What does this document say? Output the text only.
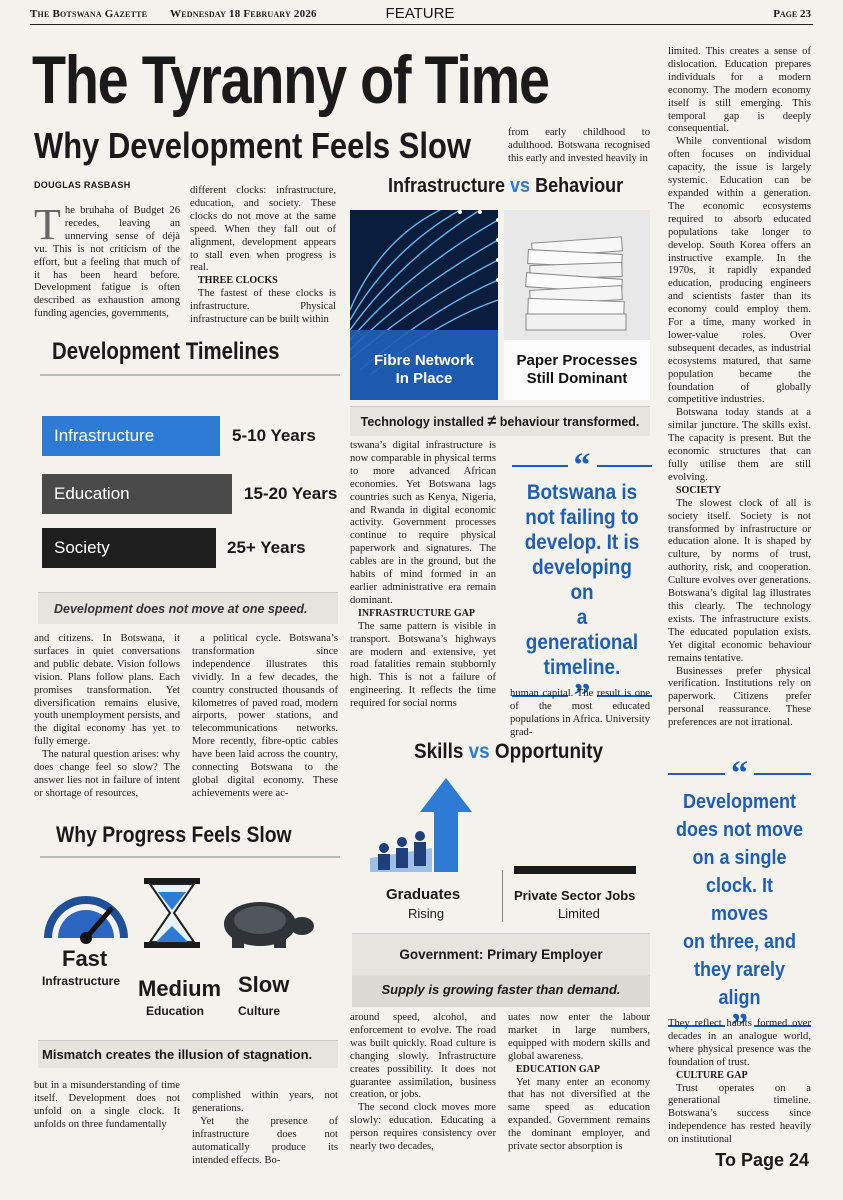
The Botswana Gazette Wednesday 18 February 2026	FEATURE	Page 23
The Tyranny of Time
Why Development Feels Slow
DOUGLAS RASBASH
T he bruhaha of Budget 26 recedes, leaving an unnerving sense of déjà vu. This is not criticism of the effort, but a feeling that much of it has been heard before. Development fatigue is often described as exhaustion among funding agencies, governments,

different clocks: infrastructure, education, and society. These clocks do not move at the same speed. When they fall out of alignment, development appears to stall even when progress is real.

THREE CLOCKS

The fastest of these clocks is infrastructure. Physical infrastructure can be built within

from early childhood to adulthood. Botswana recognised this early and invested heavily in

limited. This creates a sense of dislocation. Education prepares individuals for a modern economy. The modern economy itself is still emerging. This temporal gap is deeply consequential.

While conventional wisdom often focuses on individual capacity, the issue is largely systemic. Education can be expanded within a generation. The economic ecosystems required to absorb educated populations take longer to develop. South Korea offers an instructive example. In the 1970s, it rapidly expanded education, producing engineers and scientists faster than its economy could employ them. For a time, many worked in lower-value roles. Over subsequent decades, as industrial ecosystems matured, that same population became the foundation of globally competitive industries.

Botswana today stands at a similar juncture. The skills exist. The capacity is present. But the economic structures that can fully utilise them are still evolving.

SOCIETY

The slowest clock of all is society itself. Society is not transformed by infrastructure or education alone. It is shaped by culture, by norms of trust, authority, risk, and cooperation. Culture evolves over generations. Botswana’s digital lag illustrates this clearly. The technology exists. The infrastructure exists. The educated population exists. Yet digital economic behaviour remains tentative.

Businesses prefer physical verification. Institutions rely on paperwork. Citizens prefer personal reassurance. These preferences are not irrational.

Development Timelines
Infrastructure	5-10 Years
Education	15-20 Years
Society	25+ Years
Development does not move at one speed.

and citizens. In Botswana, it surfaces in quiet conversations and public debate. Vision follows vision. Plans follow plans. Each promises transformation. Yet diversification remains elusive, youth unemployment persists, and the digital economy has yet to fully emerge.

The natural question arises: why does change feel so slow? The answer lies not in failure of intent or shortage of resources,

a political cycle. Botswana’s transformation since independence illustrates this vividly. In a few decades, the country constructed thousands of kilometres of paved road, modern airports, power stations, and telecommunications networks. More recently, fibre-optic cables have been laid across the country, connecting Botswana to the global digital economy. These achievements were ac-

Why Progress Feels Slow
Fast
Infrastructure Medium
Education
Slow
Culture
Mismatch creates the illusion of stagnation.

but in a misunderstanding of time itself. Development does not unfold on a single clock. It unfolds on three fundamentally

complished within years, not generations.

Yet the presence of infrastructure does not automatically produce its intended effects. Bo-

Infrastructure vs Behaviour
Fibre Network
In Place
Paper Processes
Still Dominant
Technology installed ≠ behaviour transformed.

tswana’s digital infrastructure is now comparable in physical terms to more advanced African economies. Yet Botswana lags countries such as Kenya, Nigeria, and Rwanda in digital economic activity. Government processes continue to require physical paperwork and signatures. The cables are in the ground, but the habits of mind formed in an earlier administrative era remain dominant.

INFRASTRUCTURE GAP

The same pattern is visible in transport. Botswana’s highways are modern and extensive, yet road fatalities remain stubbornly high. This is not a failure of engineering. It reflects the time required for social norms

“
Botswana is
not failing to
develop. It is
developing on
a generational
timeline.
”

human capital. The result is one of the most educated populations in Africa. University grad-

Skills vs Opportunity
Graduates
Rising
Private Sector Jobs
Limited
Government: Primary Employer
Supply is growing faster than demand.

around speed, alcohol, and enforcement to evolve. The road was built quickly. Road culture is changing slowly. Infrastructure creates possibility. It does not guarantee assimilation, business creation, or jobs.

The second clock moves more slowly: education. Educating a person requires consistency over nearly two decades,

uates now enter the labour market in large numbers, equipped with modern skills and global awareness.

EDUCATION GAP

Yet many enter an economy that has not diversified at the same speed as education expanded. Government remains the dominant employer, and private sector absorption is

“
Development
does not move
on a single
clock. It moves
on three, and
they rarely
align
”

They reflect habits formed over decades in an analogue world, where physical presence was the foundation of trust.

CULTURE GAP

Trust operates on a generational timeline. Botswana’s success since independence has rested heavily on institutional

To Page 24
